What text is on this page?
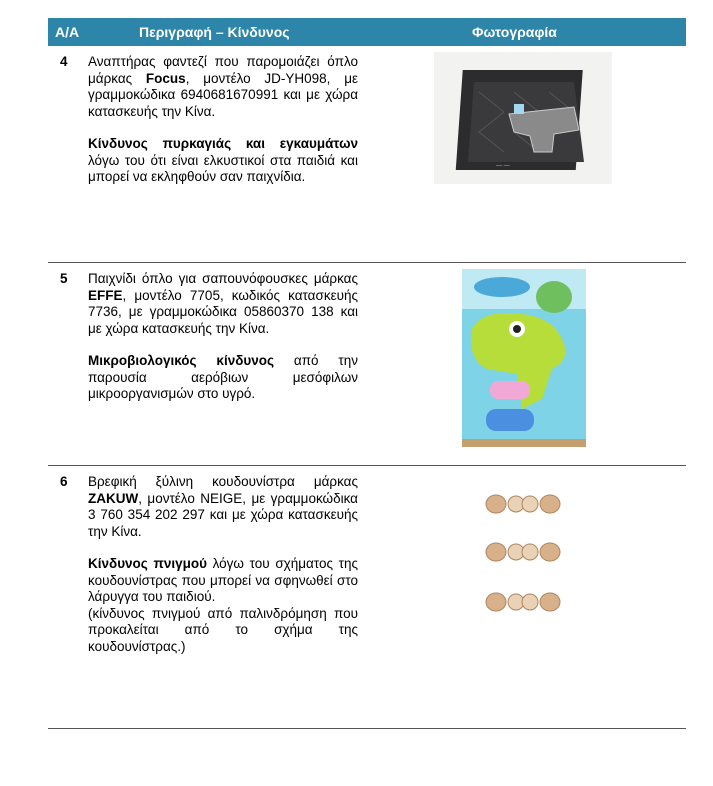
Α/Α	Περιγραφή – Κίνδυνος	Φωτογραφία
4 Αναπτήρας φαντεζί που παρομοιάζει όπλο μάρκας Focus, μοντέλο JD-YH098, με γραμμοκώδικα 6940681670991 και με χώρα κατασκευής την Κίνα.

Κίνδυνος πυρκαγιάς και εγκαυμάτων λόγω του ότι είναι ελκυστικοί στα παιδιά και μπορεί να εκληφθούν σαν παιχνίδια.

— —
5 Παιχνίδι όπλο για σαπουνόφουσκες μάρκας EFFE, μοντέλο 7705, κωδικός κατασκευής 7736, με γραμμοκώδικα 05860370 138 και με χώρα κατασκευής την Κίνα.

Μικροβιολογικός κίνδυνος από την παρουσία αερόβιων μεσόφιλων μικροοργανισμών στο υγρό.

6 Βρεφική ξύλινη κουδουνίστρα μάρκας ZAKUW, μοντέλο NEIGE, με γραμμοκώδικα 3 760 354 202 297 και με χώρα κατασκευής την Κίνα.

Κίνδυνος πνιγμού λόγω του σχήματος της κουδουνίστρας που μπορεί να σφηνωθεί στο λάρυγγα του παιδιού.

(κίνδυνος πνιγμού από παλινδρόμηση που προκαλείται από το σχήμα της κουδουνίστρας.)
